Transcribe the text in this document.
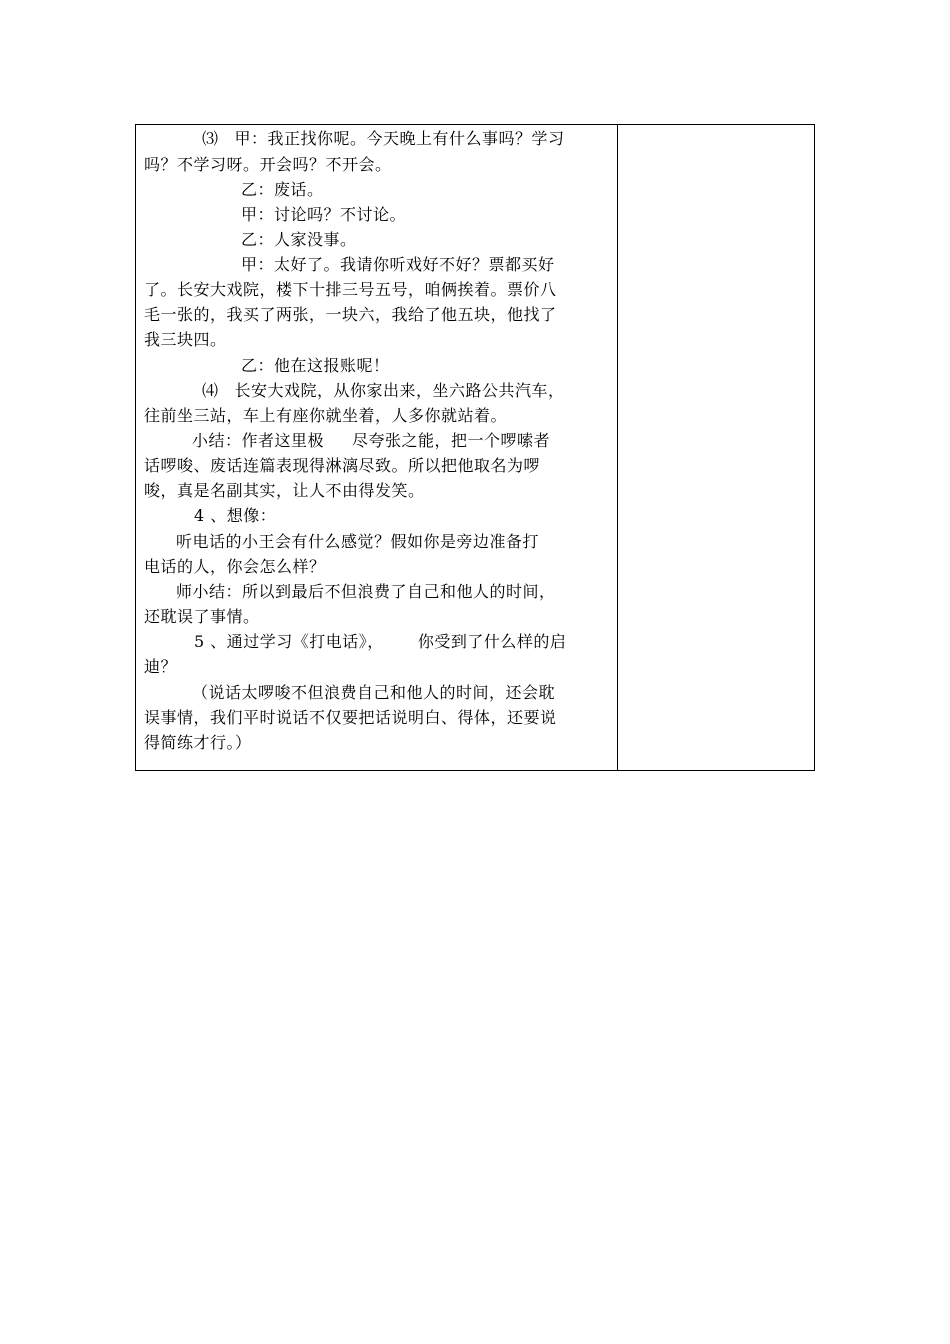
⑶ 甲：我正找你呢。今天晚上有什么事吗？学习
吗？不学习呀。开会吗？不开会。
乙：废话。
甲：讨论吗？不讨论。
乙：人家没事。
甲：太好了。我请你听戏好不好？票都买好
了。长安大戏院，楼下十排三号五号，咱俩挨着。票价八
毛一张的，我买了两张，一块六，我给了他五块，他找了
我三块四。
乙：他在这报账呢！
⑷ 长安大戏院，从你家出来，坐六路公共汽车，
往前坐三站，车上有座你就坐着，人多你就站着。
小结：作者这里极 尽夸张之能，把一个啰嗦者
话啰唆、废话连篇表现得淋漓尽致。所以把他取名为啰
唆，真是名副其实，让人不由得发笑。
4 、想像：
听电话的小王会有什么感觉？假如你是旁边准备打
电话的人，你会怎么样？
师小结：所以到最后不但浪费了自己和他人的时间，
还耽误了事情。
5 、通过学习《打电话》， 你受到了什么样的启
迪？
（说话太啰唆不但浪费自己和他人的时间，还会耽
误事情，我们平时说话不仅要把话说明白、得体，还要说
得简练才行。）
